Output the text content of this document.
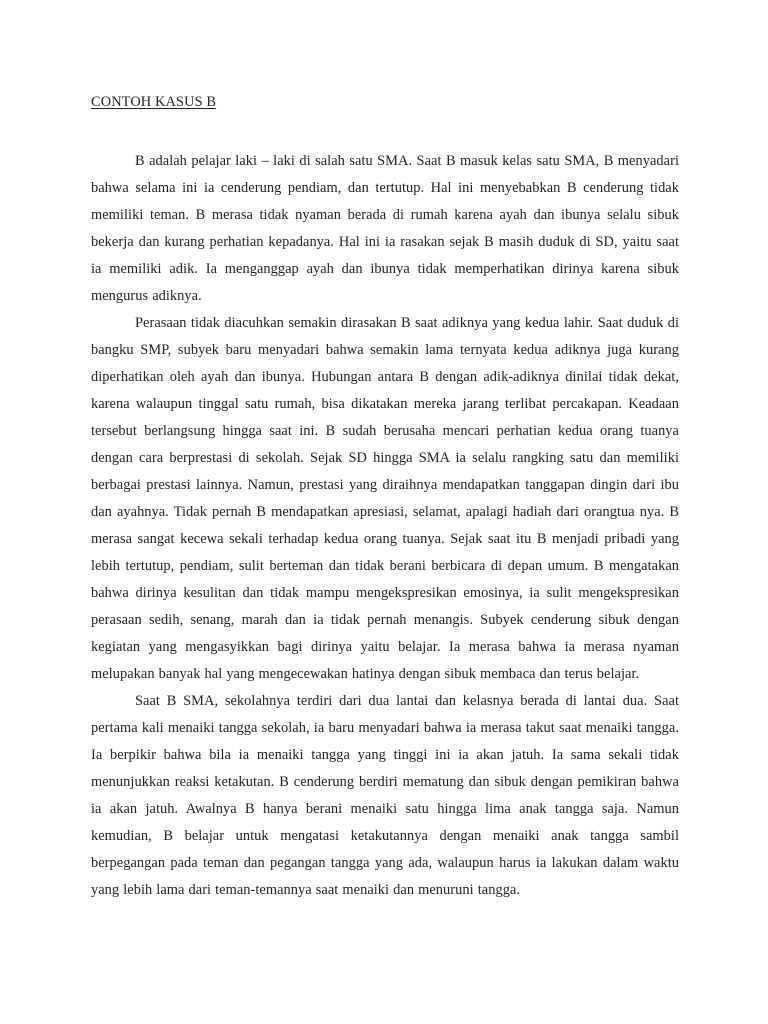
CONTOH KASUS B

B adalah pelajar laki – laki di salah satu SMA. Saat B masuk kelas satu SMA, B menyadari bahwa selama ini ia cenderung pendiam, dan tertutup. Hal ini menyebabkan B cenderung tidak memiliki teman. B merasa tidak nyaman berada di rumah karena ayah dan ibunya selalu sibuk bekerja dan kurang perhatian kepadanya. Hal ini ia rasakan sejak B masih duduk di SD, yaitu saat ia memiliki adik. Ia menganggap ayah dan ibunya tidak memperhatikan dirinya karena sibuk mengurus adiknya.

Perasaan tidak diacuhkan semakin dirasakan B saat adiknya yang kedua lahir. Saat duduk di bangku SMP, subyek baru menyadari bahwa semakin lama ternyata kedua adiknya juga kurang diperhatikan oleh ayah dan ibunya. Hubungan antara B dengan adik-adiknya dinilai tidak dekat, karena walaupun tinggal satu rumah, bisa dikatakan mereka jarang terlibat percakapan. Keadaan tersebut berlangsung hingga saat ini. B sudah berusaha mencari perhatian kedua orang tuanya dengan cara berprestasi di sekolah. Sejak SD hingga SMA ia selalu rangking satu dan memiliki berbagai prestasi lainnya. Namun, prestasi yang diraihnya mendapatkan tanggapan dingin dari ibu dan ayahnya. Tidak pernah B mendapatkan apresiasi, selamat, apalagi hadiah dari orangtua nya. B merasa sangat kecewa sekali terhadap kedua orang tuanya. Sejak saat itu B menjadi pribadi yang lebih tertutup, pendiam, sulit berteman dan tidak berani berbicara di depan umum. B mengatakan bahwa dirinya kesulitan dan tidak mampu mengekspresikan emosinya, ia sulit mengekspresikan perasaan sedih, senang, marah dan ia tidak pernah menangis. Subyek cenderung sibuk dengan kegiatan yang mengasyikkan bagi dirinya yaitu belajar. Ia merasa bahwa ia merasa nyaman melupakan banyak hal yang mengecewakan hatinya dengan sibuk membaca dan terus belajar.

Saat B SMA, sekolahnya terdiri dari dua lantai dan kelasnya berada di lantai dua. Saat pertama kali menaiki tangga sekolah, ia baru menyadari bahwa ia merasa takut saat menaiki tangga. Ia berpikir bahwa bila ia menaiki tangga yang tinggi ini ia akan jatuh. Ia sama sekali tidak menunjukkan reaksi ketakutan. B cenderung berdiri mematung dan sibuk dengan pemikiran bahwa ia akan jatuh. Awalnya B hanya berani menaiki satu hingga lima anak tangga saja. Namun kemudian, B belajar untuk mengatasi ketakutannya dengan menaiki anak tangga sambil berpegangan pada teman dan pegangan tangga yang ada, walaupun harus ia lakukan dalam waktu yang lebih lama dari teman-temannya saat menaiki dan menuruni tangga.
